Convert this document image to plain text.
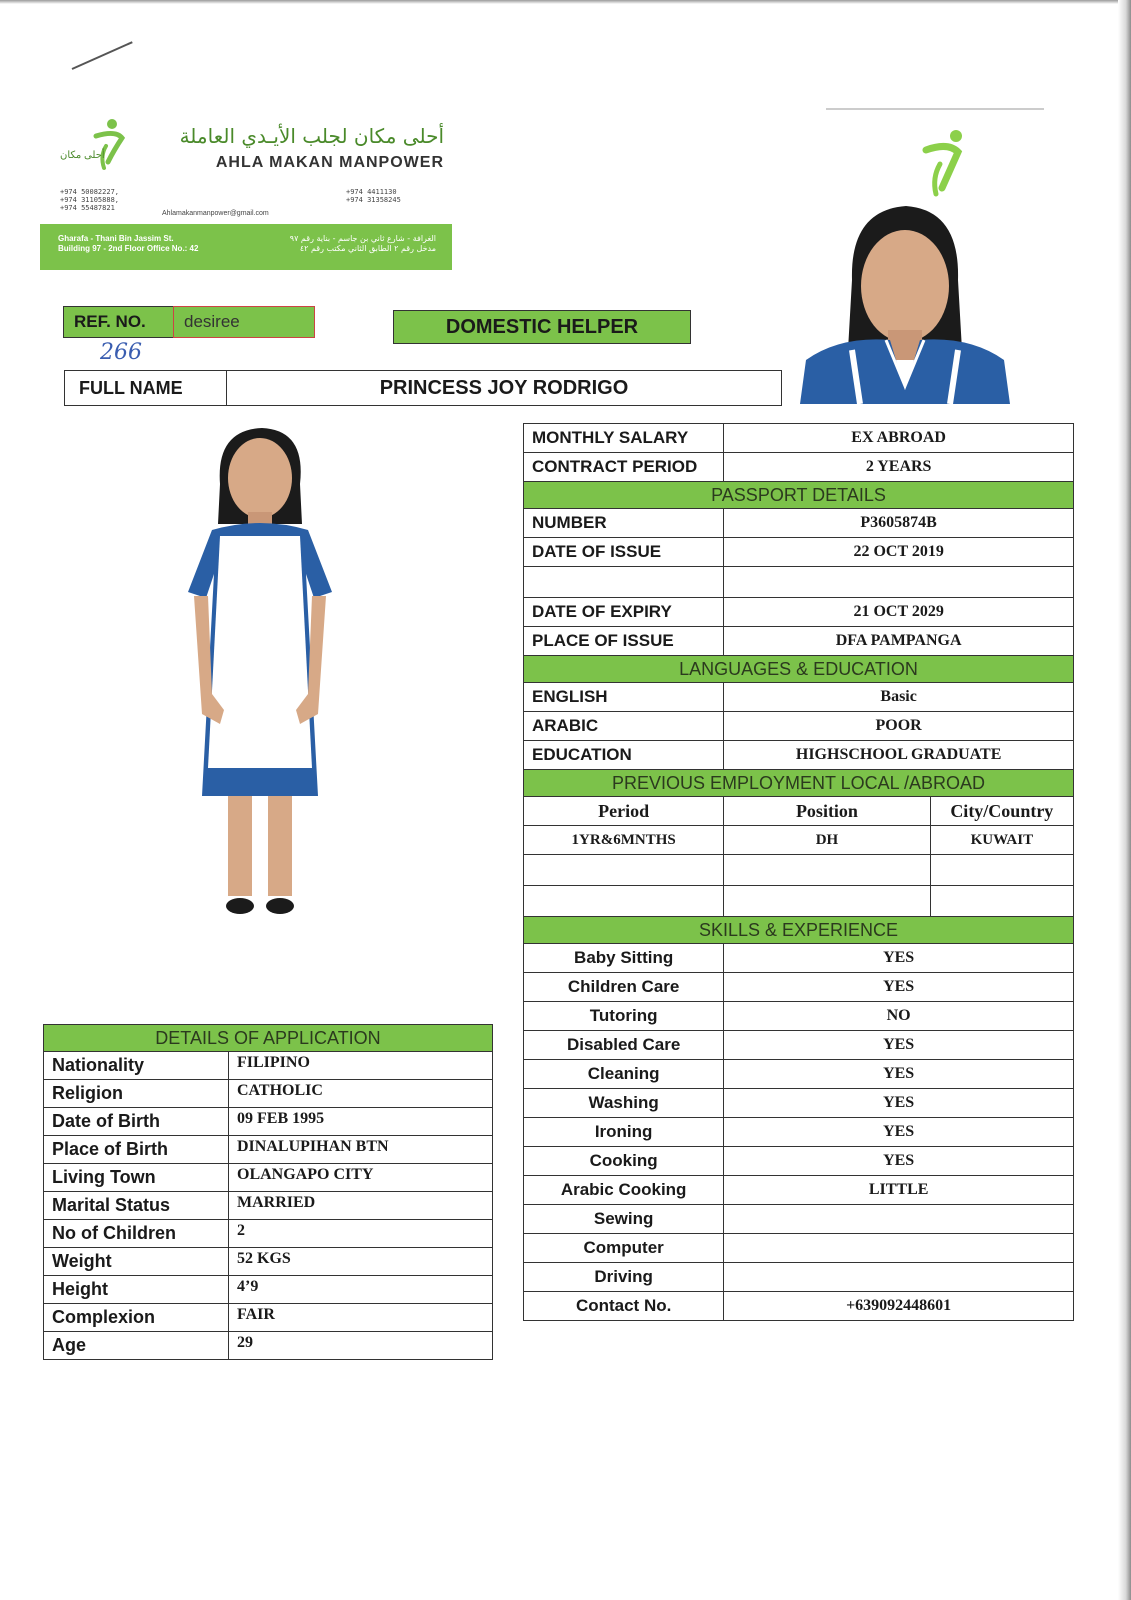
أحلى مكان
أحلى مكان لجلب الأيـدي العاملة
AHLA MAKAN MANPOWER
+974 50082227,
+974 31105888,
+974 55487821
+974 4411130
+974 31358245
Ahlamakanmanpower@gmail.com
Gharafa - Thani Bin Jassim St.
Building 97 - 2nd Floor Office No.: 42
الغرافة - شارع ثاني بن جاسم - بناية رقم ٩٧
مدخل رقم ٢ الطابق الثاني مكتب رقم ٤٢
REF. NO.	desiree
266
DOMESTIC HELPER
FULL NAME	PRINCESS JOY RODRIGO
MONTHLY SALARY	EX ABROAD	
CONTRACT PERIOD	2 YEARS	
PASSPORT DETAILS		
NUMBER	P3605874B	
DATE OF ISSUE	22 OCT 2019	

DATE OF EXPIRY	21 OCT 2029	
PLACE OF ISSUE	DFA PAMPANGA	
LANGUAGES & EDUCATION		
ENGLISH	Basic	
ARABIC	POOR	
EDUCATION	HIGHSCHOOL GRADUATE	
PREVIOUS EMPLOYMENT LOCAL /ABROAD		
Period	Position	City/Country
1YR&6MNTHS	DH	KUWAIT

SKILLS & EXPERIENCE		
Baby Sitting	YES	
Children Care	YES	
Tutoring	NO	
Disabled Care	YES	
Cleaning	YES	
Washing	YES	
Ironing	YES	
Cooking	YES	
Arabic Cooking	LITTLE	
Sewing		
Computer		
Driving		
Contact No.	+639092448601	
DETAILS OF APPLICATION	
Nationality	FILIPINO
Religion	CATHOLIC
Date of Birth	09 FEB 1995
Place of Birth	DINALUPIHAN BTN
Living Town	OLANGAPO CITY
Marital Status	MARRIED
No of Children	2
Weight	52 KGS
Height	4’9
Complexion	FAIR
Age	29
